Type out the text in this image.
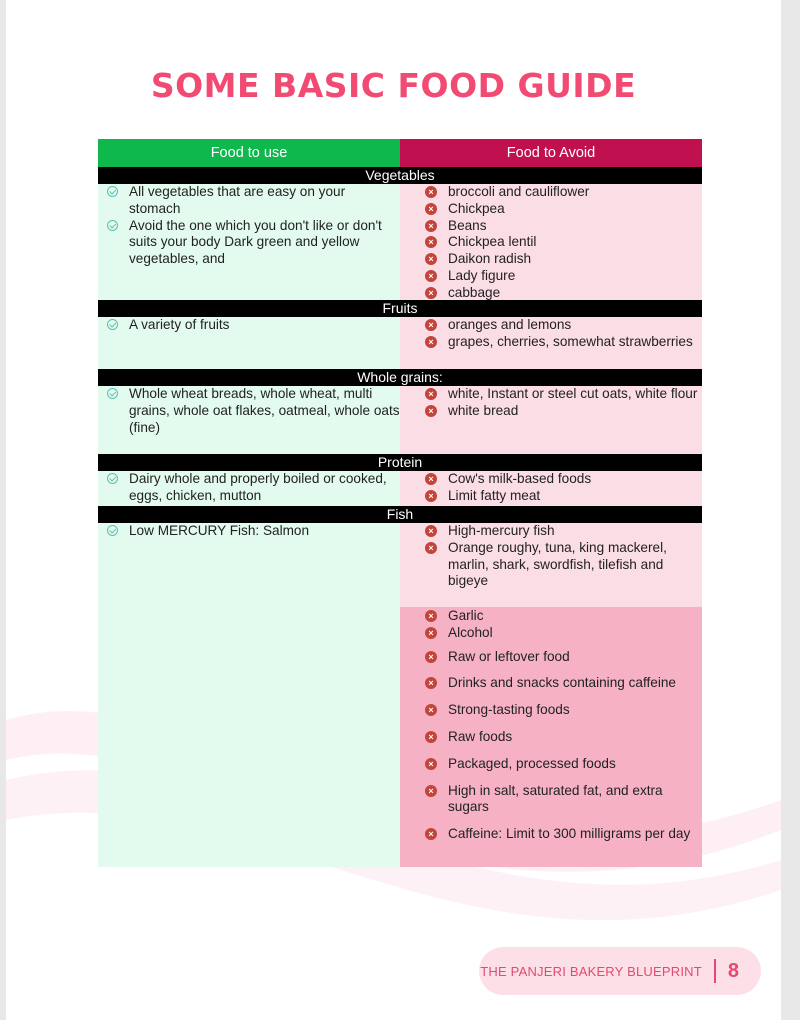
SOME BASIC FOOD GUIDE
Food to use	Food to Avoid
Vegetables
All vegetables that are easy on your stomach
Avoid the one which you don't like or don't suits your body Dark green and yellow vegetables, and
× broccoli and cauliflower
× Chickpea
× Beans
× Chickpea lentil
× Daikon radish
× Lady figure
× cabbage
Fruits
A variety of fruits	× oranges and lemons
× grapes, cherries, somewhat strawberries
Whole grains:
Whole wheat breads, whole wheat, multi grains, whole oat flakes, oatmeal, whole oats (fine)
× white, Instant or steel cut oats, white flour
× white bread
Protein
Dairy whole and properly boiled or cooked, eggs, chicken, mutton
× Cow's milk-based foods
× Limit fatty meat
Fish
Low MERCURY Fish: Salmon	× High-mercury fish
× Orange roughy, tuna, king mackerel, marlin, shark, swordfish, tilefish and bigeye
× Garlic
× Alcohol
× Raw or leftover food
× Drinks and snacks containing caffeine
× Strong-tasting foods
× Raw foods
× Packaged, processed foods
× High in salt, saturated fat, and extra sugars
× Caffeine: Limit to 300 milligrams per day
THE PANJERI BAKERY BLUEPRINT 8
